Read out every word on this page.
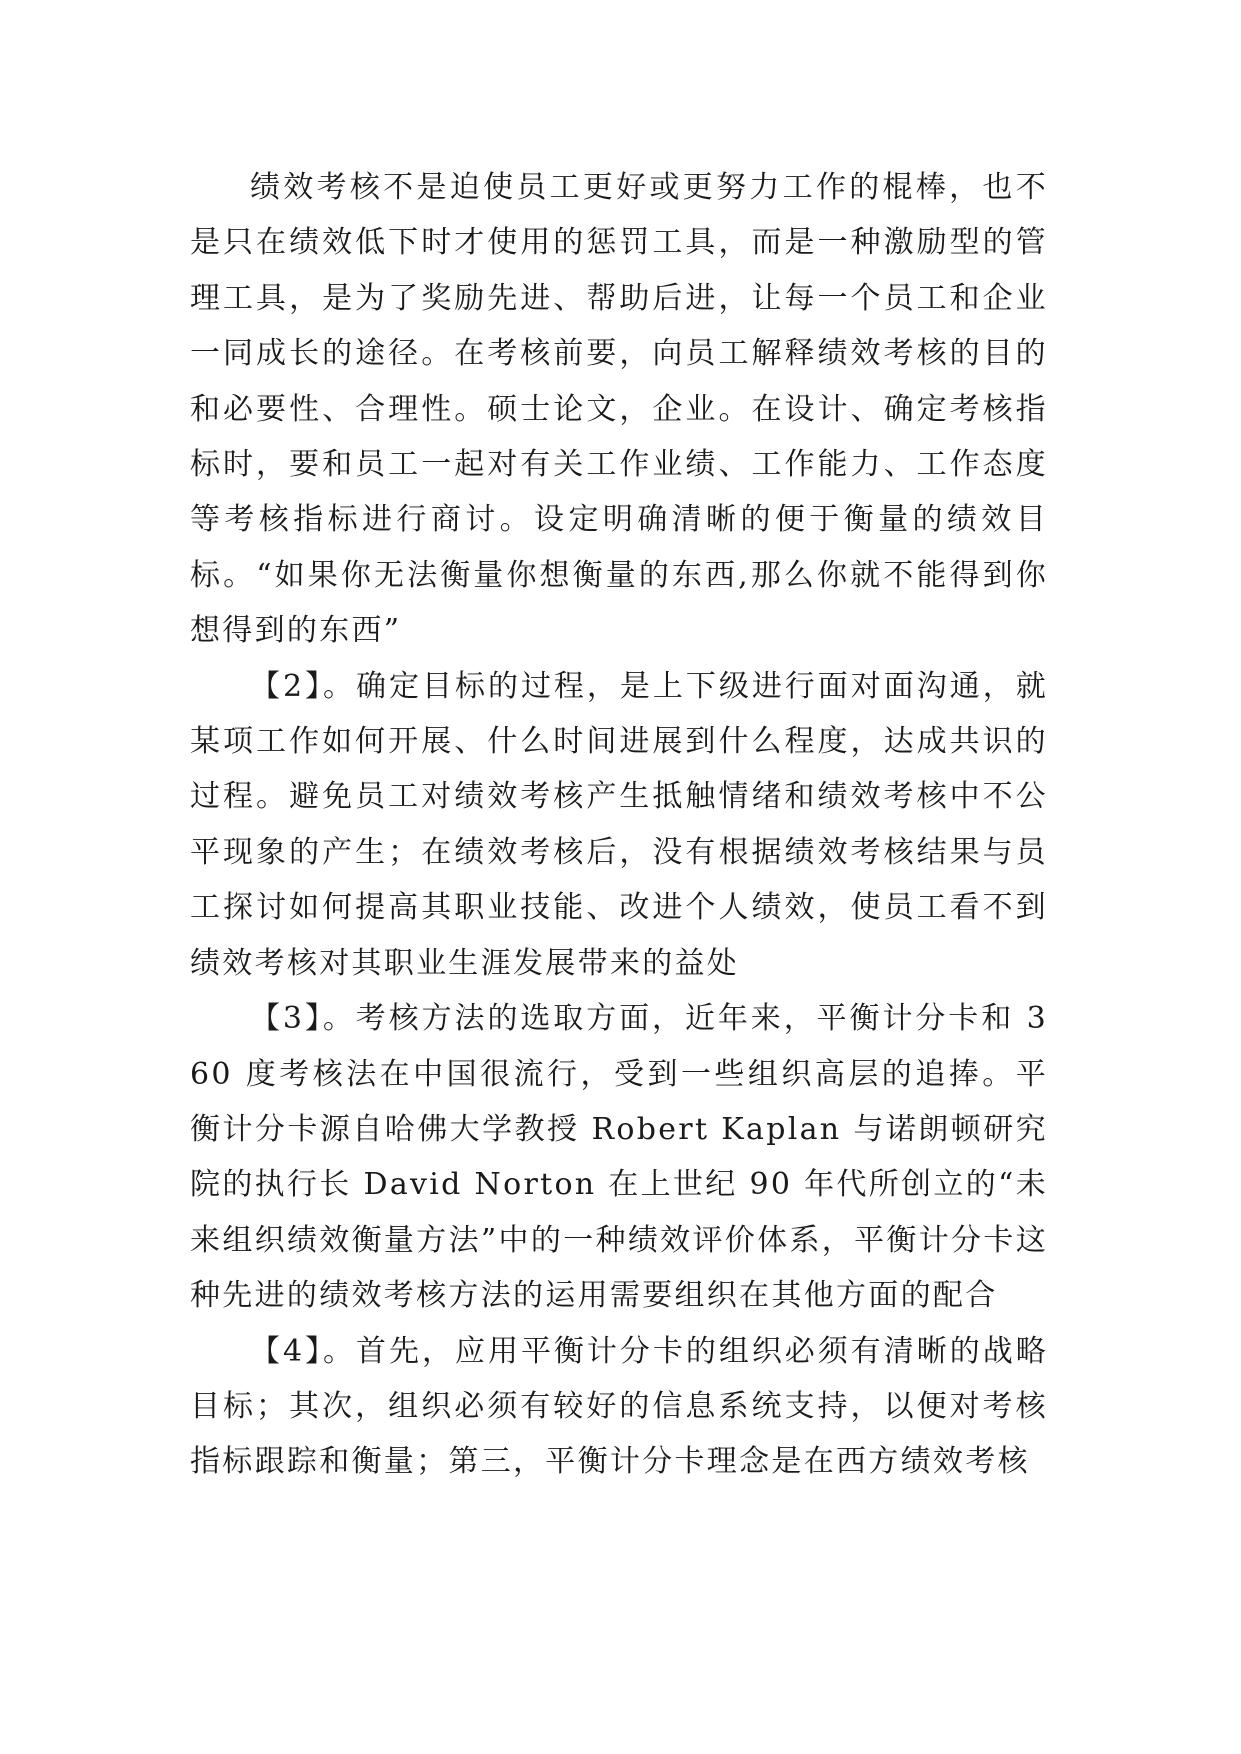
绩效考核不是迫使员工更好或更努力工作的棍棒，也不是只在绩效低下时才使用的惩罚工具，而是一种激励型的管理工具，是为了奖励先进、帮助后进，让每一个员工和企业一同成长的途径。在考核前要，向员工解释绩效考核的目的和必要性、合理性。硕士论文，企业。在设计、确定考核指标时，要和员工一起对有关工作业绩、工作能力、工作态度等考核指标进行商讨。设定明确清晰的便于衡量的绩效目标。“如果你无法衡量你想衡量的东西,那么你就不能得到你想得到的东西”

【2】。确定目标的过程，是上下级进行面对面沟通，就某项工作如何开展、什么时间进展到什么程度，达成共识的过程。避免员工对绩效考核产生抵触情绪和绩效考核中不公平现象的产生；在绩效考核后，没有根据绩效考核结果与员工探讨如何提高其职业技能、改进个人绩效，使员工看不到绩效考核对其职业生涯发展带来的益处

【3】。考核方法的选取方面，近年来，平衡计分卡和 360 度考核法在中国很流行，受到一些组织高层的追捧。平衡计分卡源自哈佛大学教授 Robert Kaplan 与诺朗顿研究院的执行长 David Norton 在上世纪 90 年代所创立的“未来组织绩效衡量方法”中的一种绩效评价体系，平衡计分卡这种先进的绩效考核方法的运用需要组织在其他方面的配合

【4】。首先，应用平衡计分卡的组织必须有清晰的战略目标；其次，组织必须有较好的信息系统支持，以便对考核指标跟踪和衡量；第三，平衡计分卡理念是在西方绩效考核
